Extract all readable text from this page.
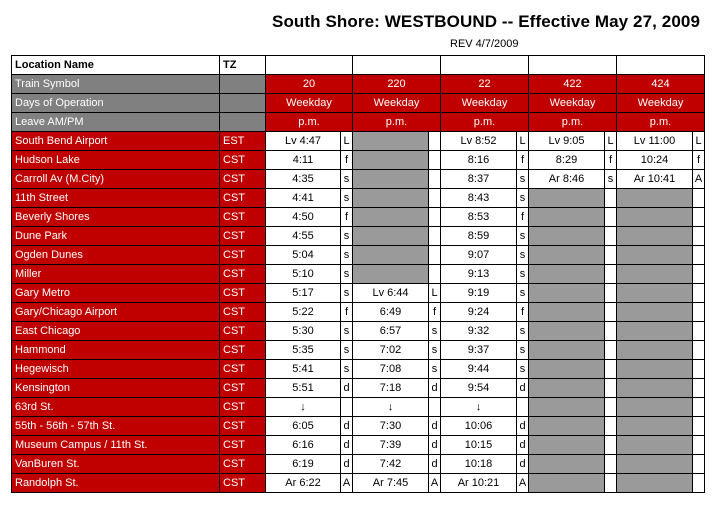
South Shore: WESTBOUND -- Effective May 27, 2009
REV 4/7/2009
Location Name	TZ										
Train Symbol		20		220		22		422		424	
Days of Operation		Weekday		Weekday		Weekday		Weekday		Weekday	
Leave AM/PM		p.m.		p.m.		p.m.		p.m.		p.m.	
South Bend Airport	EST	Lv 4:47	L			Lv 8:52	L	Lv 9:05	L	Lv 11:00	L
Hudson Lake	CST	4:11	f			8:16	f	8:29	f	10:24	f
Carroll Av (M.City)	CST	4:35	s			8:37	s	Ar 8:46	s	Ar 10:41	A
11th Street	CST	4:41	s			8:43	s				
Beverly Shores	CST	4:50	f			8:53	f				
Dune Park	CST	4:55	s			8:59	s				
Ogden Dunes	CST	5:04	s			9:07	s				
Miller	CST	5:10	s			9:13	s				
Gary Metro	CST	5:17	s	Lv 6:44	L	9:19	s				
Gary/Chicago Airport	CST	5:22	f	6:49	f	9:24	f				
East Chicago	CST	5:30	s	6:57	s	9:32	s				
Hammond	CST	5:35	s	7:02	s	9:37	s				
Hegewisch	CST	5:41	s	7:08	s	9:44	s				
Kensington	CST	5:51	d	7:18	d	9:54	d				
63rd St.	CST	↓		↓		↓					
55th - 56th - 57th St.	CST	6:05	d	7:30	d	10:06	d				
Museum Campus / 11th St.	CST	6:16	d	7:39	d	10:15	d				
VanBuren St.	CST	6:19	d	7:42	d	10:18	d				
Randolph St.	CST	Ar 6:22	A	Ar 7:45	A	Ar 10:21	A				
